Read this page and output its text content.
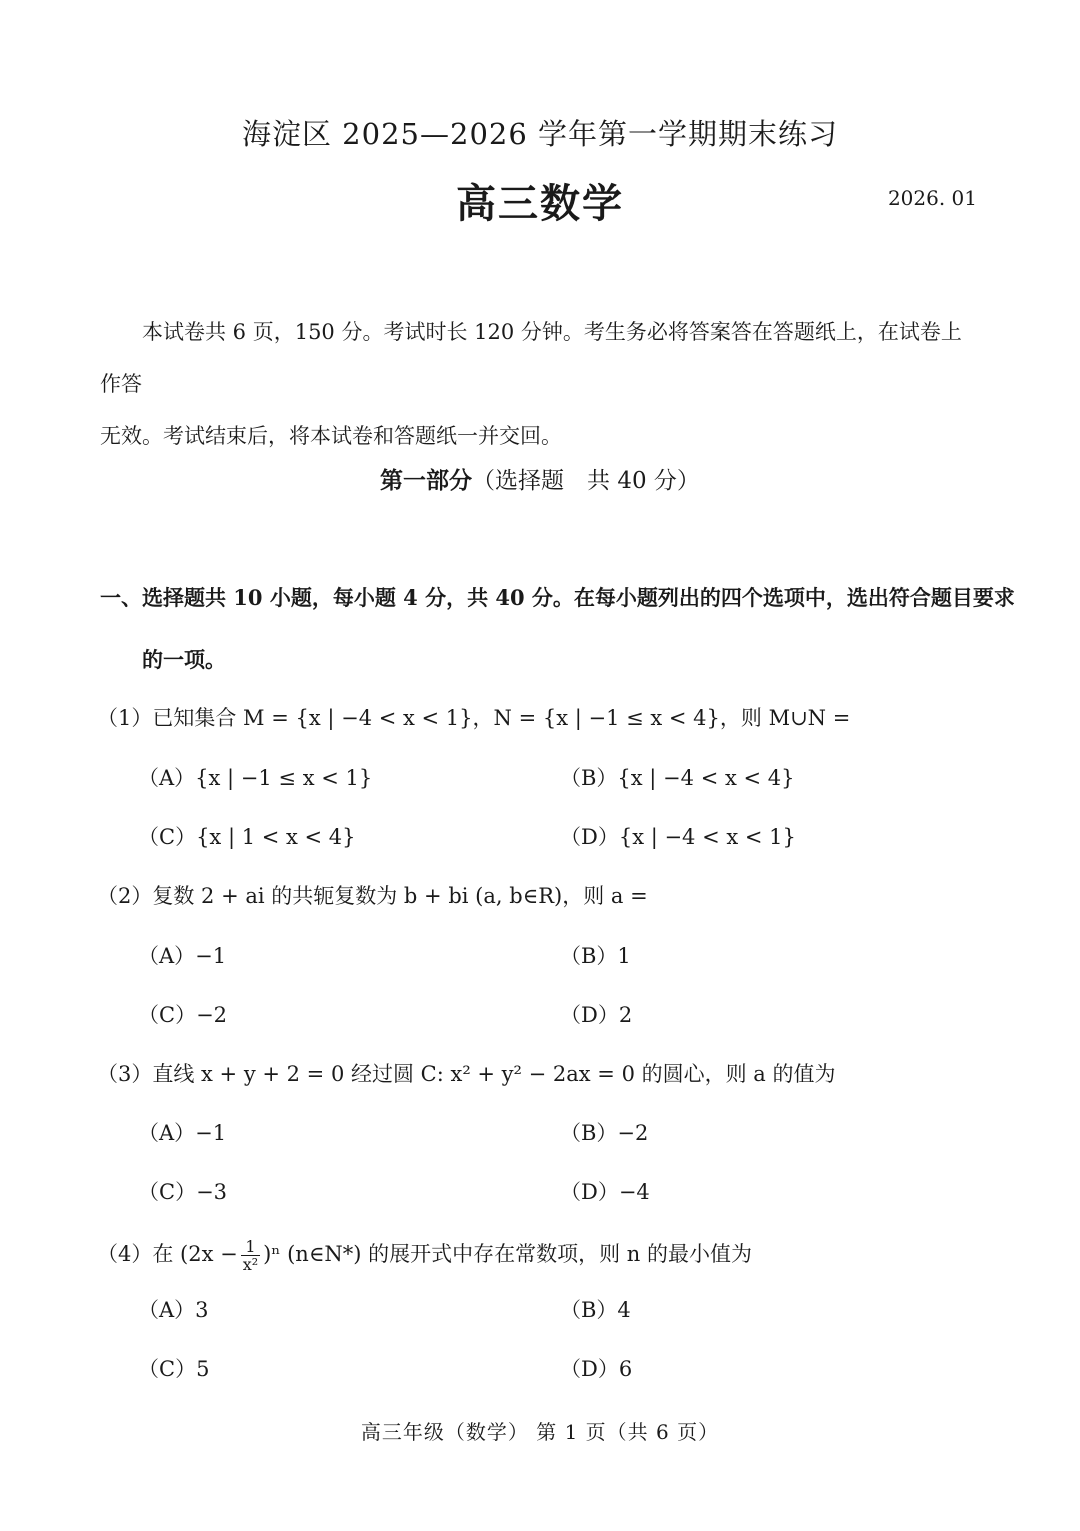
海淀区 2025—2026 学年第一学期期末练习
高三数学	2026. 01
本试卷共 6 页，150 分。考试时长 120 分钟。考生务必将答案答在答题纸上，在试卷上作答
无效。考试结束后，将本试卷和答题纸一并交回。
第一部分（选择题　共 40 分）
一、选择题共 10 小题，每小题 4 分，共 40 分。在每小题列出的四个选项中，选出符合题目要求
的一项。
（1）已知集合 M = {x | −4 < x < 1}，N = {x | −1 ≤ x < 4}，则 M∪N =
（A）{x | −1 ≤ x < 1}	（B）{x | −4 < x < 4}
（C）{x | 1 < x < 4}	（D）{x | −4 < x < 1}
（2）复数 2 + ai 的共轭复数为 b + bi (a, b∈R)，则 a =
（A）−1	（B）1
（C）−2	（D）2
（3）直线 x + y + 2 = 0 经过圆 C: x² + y² − 2ax = 0 的圆心，则 a 的值为
（A）−1	（B）−2
（C）−3	（D）−4
（4）在 $(2x - \frac{1}{\text{x²}} )^n$ (n∈N*) 的展开式中存在常数项，则 n 的最小值为
（A）3	（B）4
（C）5	（D）6
高三年级（数学） 第 1 页（共 6 页）
